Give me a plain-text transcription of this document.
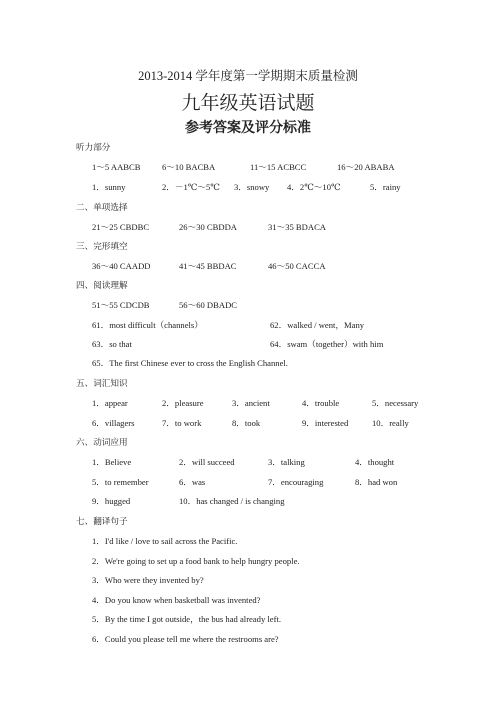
2013-2014 学年度第一学期期末质量检测
九年级英语试题
参考答案及评分标准
听力部分
1～5 AABCB	6～10 BACBA	11～15 ACBCC	16～20 ABABA
1．sunny	2．－1℃～5℃ 3．snowy 4．2℃～10℃	5．rainy
二、单项选择
21～25 CBDBC	26～30 CBDDA	31～35 BDACA
三、完形填空
36～40 CAADD	41～45 BBDAC	46～50 CACCA
四、阅读理解
51～55 CDCDB	56～60 DBADC
61．most difficult（channels）	62．walked / went，Many
63．so that	64．swam（together）with him
65．The first Chinese ever to cross the English Channel.
五、词汇知识
1．appear	2．pleasure	3．ancient	4．trouble	5．necessary
6．villagers	7．to work	8．took	9．interested	10．really
六、动词应用
1．Believe	2．will succeed	3．talking	4．thought
5．to remember	6．was	7．encouraging	8．had won
9．hugged	10．has changed / is changing
七、翻译句子
1．I'd like / love to sail across the Pacific.
2．We're going to set up a food bank to help hungry people.
3．Who were they invented by?
4．Do you know when basketball was invented?
5．By the time I got outside，the bus had already left.
6．Could you please tell me where the restrooms are?
